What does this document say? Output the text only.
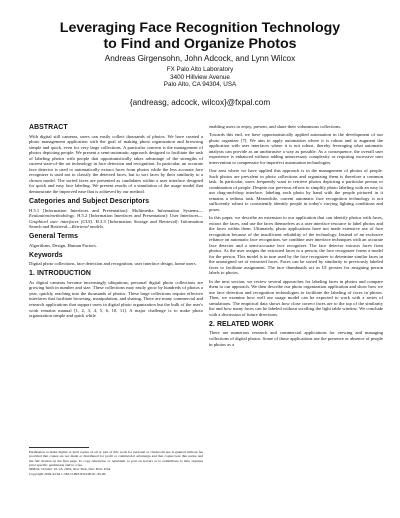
Leveraging Face Recognition Technology
to Find and Organize Photos
Andreas Girgensohn, John Adcock, and Lynn Wilcox
FX Palo Alto Laboratory
3400 Hillview Avenue
Palo Alto, CA 94304, USA
{andreasg, adcock, wilcox}@fxpal.com
ABSTRACT

With digital still cameras, users can easily collect thousands of photos. We have created a photo management application with the goal of making photo organization and browsing simple and quick, even for very large collections. A particular concern is the management of photos depicting people. We present a semi-automatic approach designed to facilitate the task of labeling photos with people that opportunistically takes advantage of the strengths of current state-of-the art technology in face detection and recognition. In particular, an accurate face detector is used to automatically extract faces from photos while the less accurate face recognizer is used not to classify the detected faces, but to sort faces by their similarity to a chosen model. The sorted faces are presented as candidates within a user interface designed for quick and easy face labeling. We present results of a simulation of the usage model that demonstrate the improved ease that is achieved by our method.

Categories and Subject Descriptors

H.5.1 [Information Interfaces and Presentation]: Multimedia Information Systems—Evaluation/methodology. H.5.2 [Information Interfaces and Presentation]: User Interfaces—Graphical user interfaces (GUI). H.3.3 [Information Storage and Retrieval]: Information Search and Retrieval—Retrieval models.

General Terms

Algorithms, Design, Human Factors.

Keywords

Digital photo collections, face detection and recognition, user interface design, home users.

1. INTRODUCTION

As digital cameras become increasingly ubiquitous, personal digital photo collections are growing both in number and size. These collections may easily grow by hundreds of photos a year, quickly reaching into the thousands of photos. These large collections require effective interfaces that facilitate browsing, manipulation, and sharing. There are many commercial and research applications that support users in digital photo organization but the bulk of the user's work remains manual [1, 2, 3, 4, 5, 6, 10, 11]. A major challenge is to make photo organization simple and quick while

Permission to make digital or hard copies of all or part of this work for personal or classroom use is granted without fee provided that copies are not made or distributed for profit or commercial advantage and that copies bear this notice and the full citation on the first page. To copy otherwise, or republish, to post on servers or to redistribute to lists, requires prior specific permission and/or a fee.

MM'04, October 10–16, 2004, New York, New York, USA.

Copyright 2004 ACM 1-58113-893-8/04/0010...$5.00.

enabling users to enjoy, present, and share their voluminous collections.

Towards this end, we have opportunistically applied automation in the development of our photo organizer [7]. We aim to apply automation where it is robust and to augment the application with user interfaces where it is not robust, thereby leveraging what automatic analysis can provide as an unobtrusive a way as possible. As a consequence, the overall user experience is enhanced without adding unnecessary complexity or requiring excessive user intervention to compensate for imperfect automation technologies.

One area where we have applied this approach is in the management of photos of people. Such photos are prevalent in photo collections and organizing them is therefore a common task. In particular, users frequently want to retrieve photos depicting a particular person or combination of people. Despite our previous efforts to simplify photo labeling with an easy to use drag-and-drop interface, labeling each photo by hand with the people pictured in it remains a tedious task. Meanwhile, current automatic face recognition technology is not sufficiently robust to consistently identify people in today's varying lighting conditions and poses.

In this paper, we describe an extension to our application that can identify photos with faces, extract the faces, and use the faces themselves as a user interface resource to label photos and the faces within them. Ultimately, photo applications have not made extensive use of face recognition because of the insufficient reliability of the technology. Instead of an exclusive reliance on automatic face recognition, we combine user interface techniques with an accurate face detector and a semi-accurate face recognizer. The face detector extracts faces from photos. As the user assigns the extracted faces to a person, the face recognizer forms a model for the person. This model is in turn used by the face recognizer to determine similar faces in the unassigned set of extracted faces. Faces can be sorted by similarity to previously labeled faces to facilitate assignment. The face thumbnails act as UI proxies for assigning person labels to photos.

In the next section, we review several approaches for labeling faces in photos and compare them to our approach. We then describe our photo organization application and show how we use face detection and recognition technologies to facilitate the labeling of faces in photos. Then, we examine how well our usage model can be expected to work with a series of simulations. The empirical data shows how close correct faces are to the top of the similarity list and how many faces can be labeled without scrolling the light table window. We conclude with a discussion of future directions.

2. RELATED WORK

There are numerous research and commercial applications for viewing and managing collections of digital photos. Some of those applications use the presence or absence of people in photos as a
